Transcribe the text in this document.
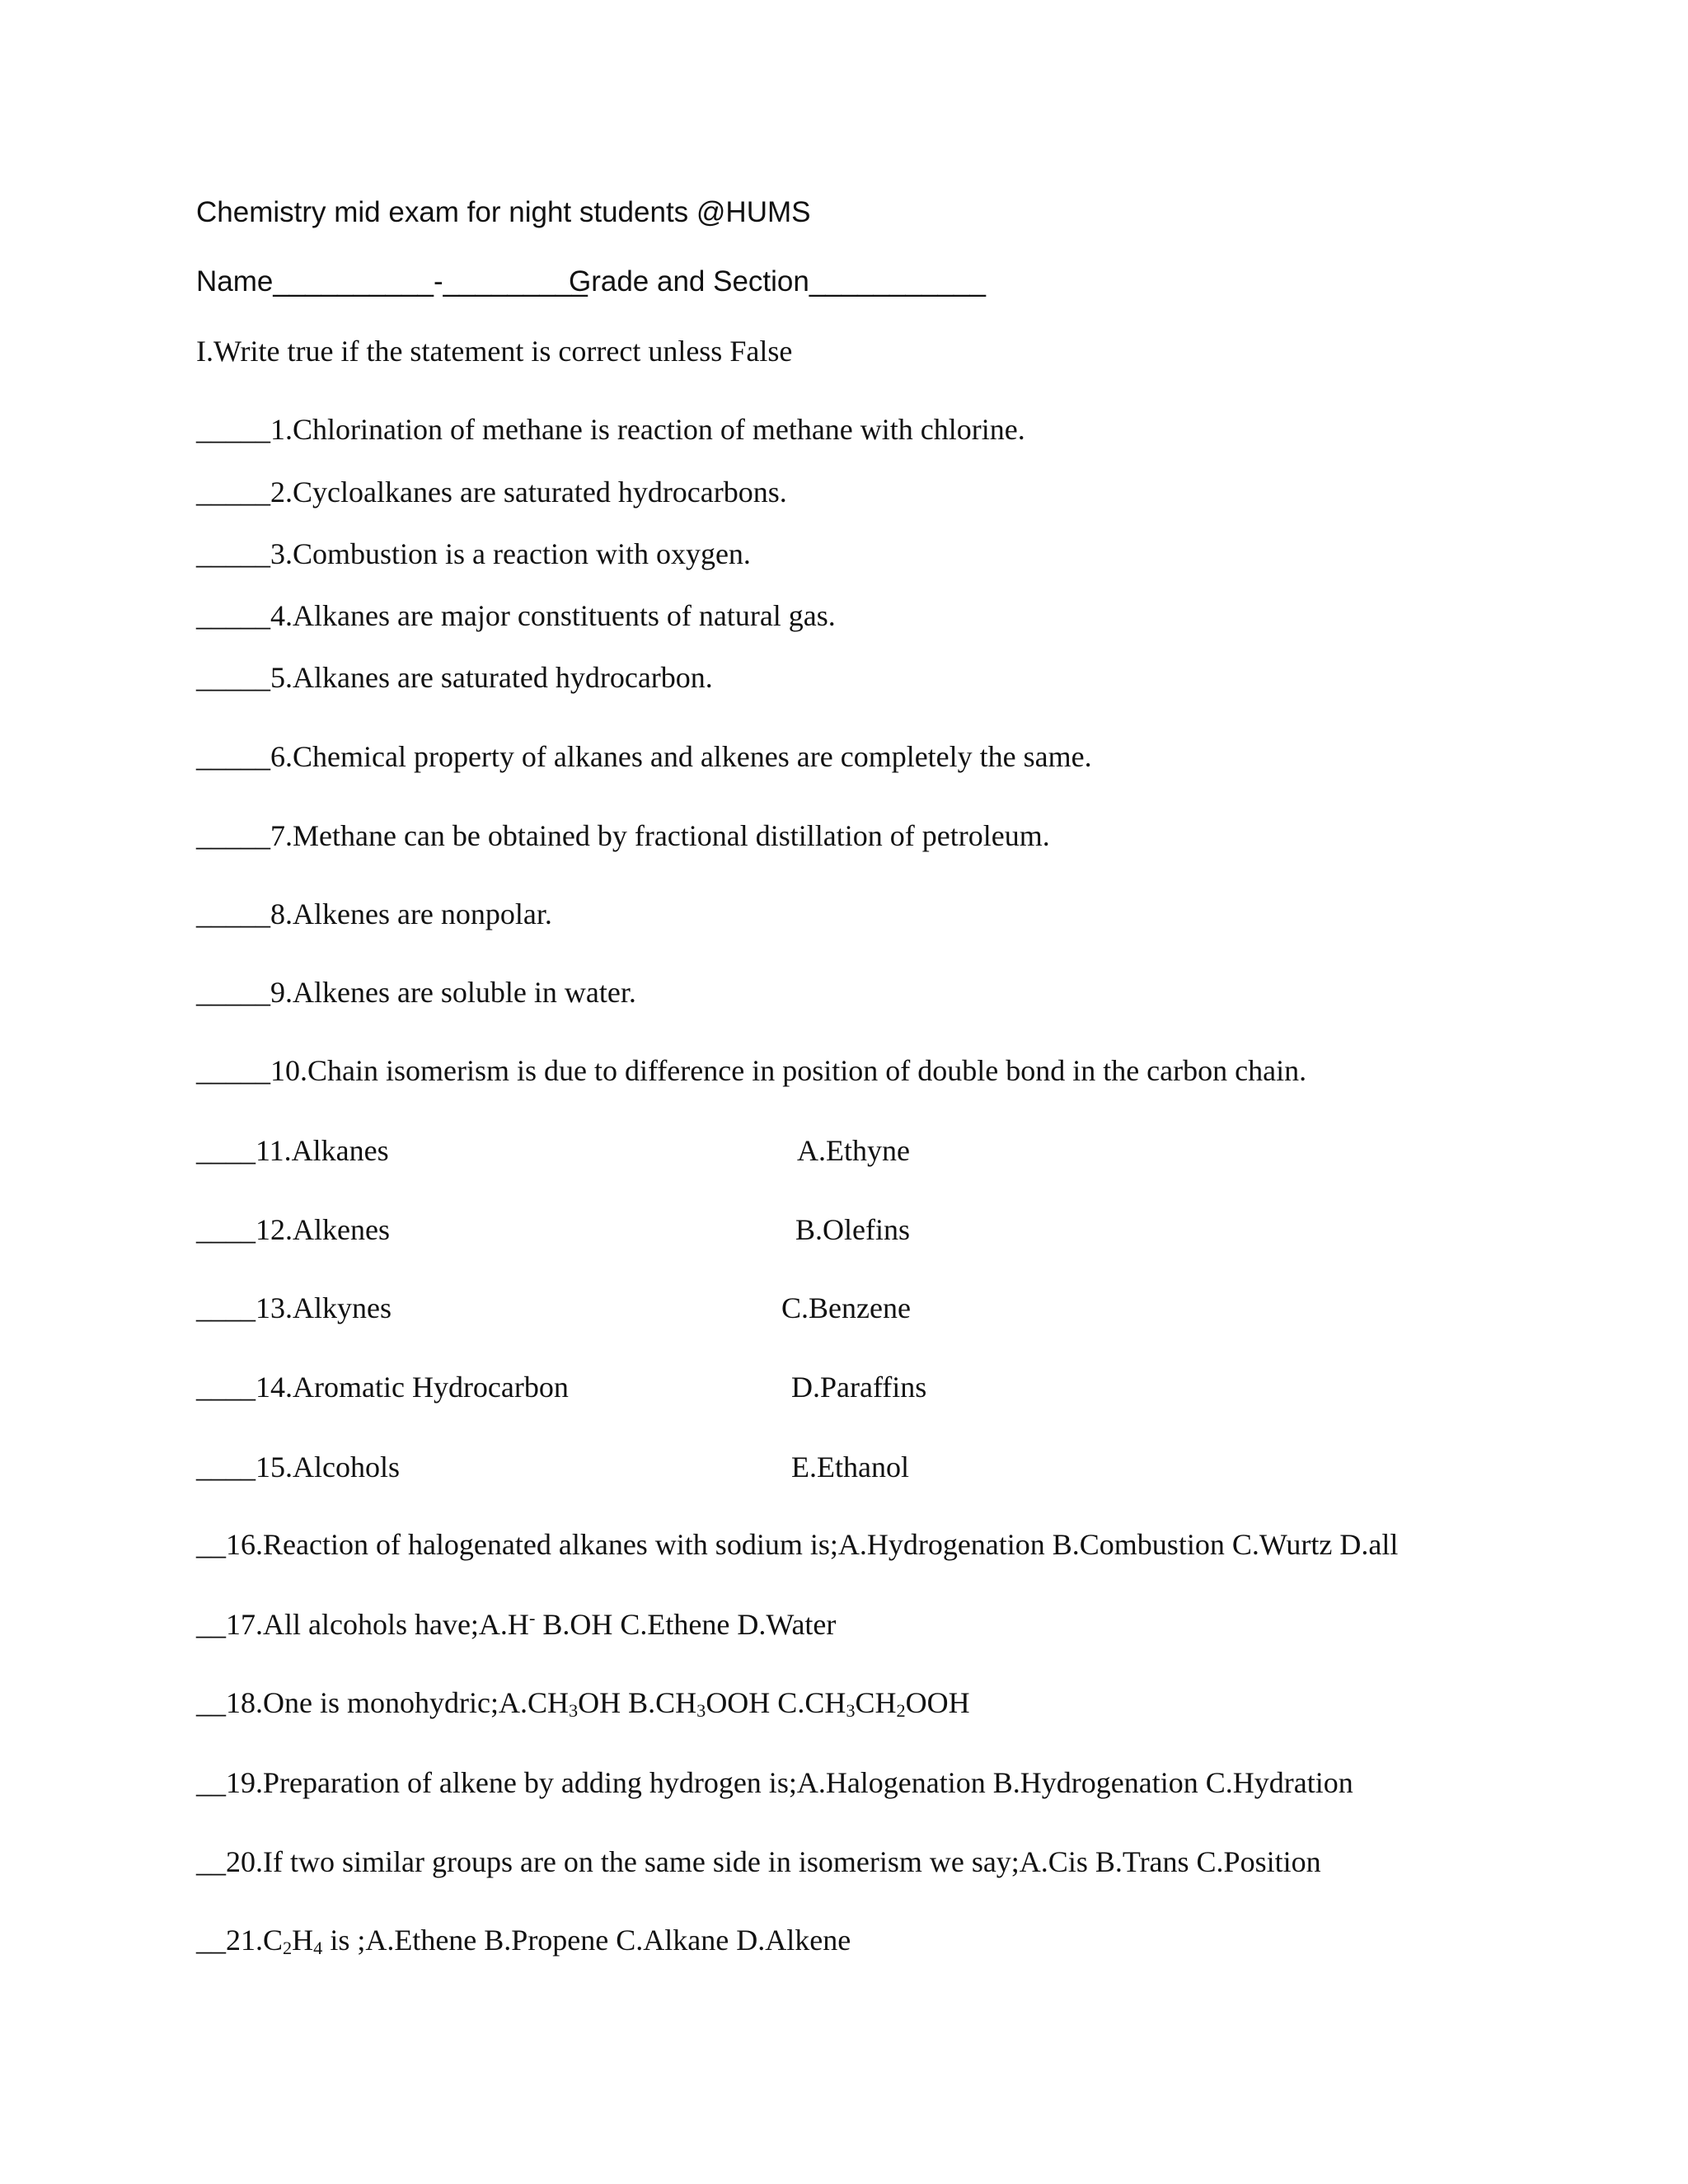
Chemistry mid exam for night students @HUMS
Name__________-_________
Grade and Section___________
I.Write true if the statement is correct unless False
_____1.Chlorination of methane is reaction of methane with chlorine.
_____2.Cycloalkanes are saturated hydrocarbons.
_____3.Combustion is a reaction with oxygen.
_____4.Alkanes are major constituents of natural gas.
_____5.Alkanes are saturated hydrocarbon.
_____6.Chemical property of alkanes and alkenes are completely the same.
_____7.Methane can be obtained by fractional distillation of petroleum.
_____8.Alkenes are nonpolar.
_____9.Alkenes are soluble in water.
_____10.Chain isomerism is due to difference in position of double bond in the carbon chain.
____11.Alkanes	A.Ethyne
____12.Alkenes	B.Olefins
____13.Alkynes	C.Benzene
____14.Aromatic Hydrocarbon	D.Paraffins
____15.Alcohols	E.Ethanol
__16.Reaction of halogenated alkanes with sodium is;A.Hydrogenation B.Combustion C.Wurtz D.all
__17.All alcohols have;A.H- B.OH C.Ethene D.Water
__18.One is $monohydric;A.CH_3OH$ $B.CH_3OOH$ $C.CH_3CH_2OOH$
__19.Preparation of alkene by adding hydrogen is;A.Halogenation B.Hydrogenation C.Hydration
__20.If two similar groups are on the same side in isomerism we say;A.Cis B.Trans C.Position
$\_\_21.C_2H_4$ is ;A.Ethene B.Propene C.Alkane D.Alkene
